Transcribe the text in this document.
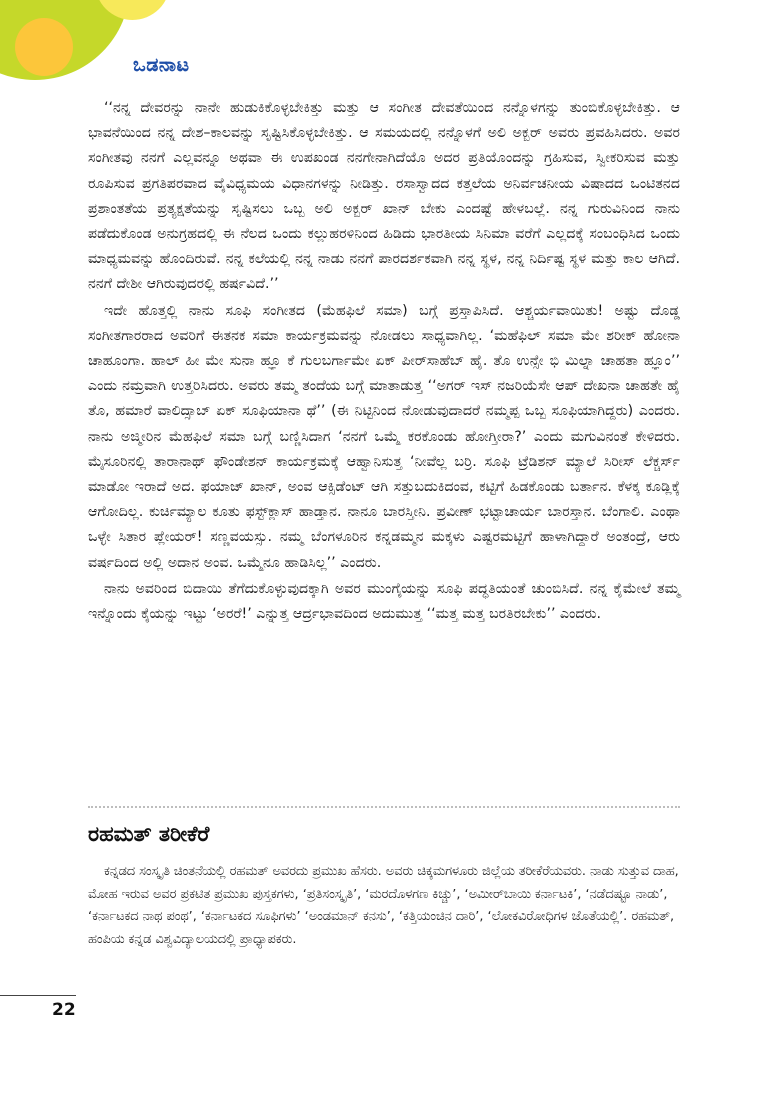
ಒಡನಾಟ

‘‘ನನ್ನ ದೇವರನ್ನು ನಾನೇ ಹುಡುಕಿಕೊಳ್ಳಬೇಕಿತ್ತು ಮತ್ತು ಆ ಸಂಗೀತ ದೇವತೆಯಿಂದ ನನ್ನೊಳಗನ್ನು ತುಂಬಿಕೊಳ್ಳಬೇಕಿತ್ತು. ಆ ಭಾವನೆಯಿಂದ ನನ್ನ ದೇಶ–ಕಾಲವನ್ನು ಸೃಷ್ಟಿಸಿಕೊಳ್ಳಬೇಕಿತ್ತು. ಆ ಸಮಯದಲ್ಲಿ ನನ್ನೊಳಗೆ ಅಲಿ ಅಕ್ಬರ್ ಅವರು ಪ್ರವಹಿಸಿದರು. ಅವರ ಸಂಗೀತವು ನನಗೆ ಎಲ್ಲವನ್ನೂ ಅಥವಾ ಈ ಉಪಖಂಡ ನನಗೇನಾಗಿದೆಯೊ ಅದರ ಪ್ರತಿಯೊಂದನ್ನು ಗ್ರಹಿಸುವ, ಸ್ವೀಕರಿಸುವ ಮತ್ತು ರೂಪಿಸುವ ಪ್ರಗತಿಪರವಾದ ವೈವಿಧ್ಯಮಯ ವಿಧಾನಗಳನ್ನು ನೀಡಿತ್ತು. ರಸಾಸ್ವಾದದ ಕತ್ತಲೆಯ ಅನಿರ್ವಚನೀಯ ವಿಷಾದದ ಒಂಟಿತನದ ಪ್ರಶಾಂತತೆಯ ಪ್ರತ್ಯಕ್ಷತೆಯನ್ನು ಸೃಷ್ಟಿಸಲು ಒಬ್ಬ ಅಲಿ ಅಕ್ಬರ್ ಖಾನ್ ಬೇಕು ಎಂದಷ್ಟೆ ಹೇಳಬಲ್ಲೆ. ನನ್ನ ಗುರುವಿನಿಂದ ನಾನು ಪಡೆದುಕೊಂಡ ಅನುಗ್ರಹದಲ್ಲಿ ಈ ನೆಲದ ಒಂದು ಕಲ್ಲುಹರಳಿನಿಂದ ಹಿಡಿದು ಭಾರತೀಯ ಸಿನಿಮಾ ವರೆಗೆ ಎಲ್ಲದಕ್ಕೆ ಸಂಬಂಧಿಸಿದ ಒಂದು ಮಾಧ್ಯಮವನ್ನು ಹೊಂದಿರುವೆ. ನನ್ನ ಕಲೆಯಲ್ಲಿ ನನ್ನ ನಾಡು ನನಗೆ ಪಾರದರ್ಶಕವಾಗಿ ನನ್ನ ಸ್ಥಳ, ನನ್ನ ನಿರ್ದಿಷ್ಟ ಸ್ಥಳ ಮತ್ತು ಕಾಲ ಆಗಿದೆ. ನನಗೆ ದೇಶೀ ಆಗಿರುವುದರಲ್ಲಿ ಹರ್ಷವಿದೆ.’’

ಇದೇ ಹೊತ್ತಲ್ಲಿ ನಾನು ಸೂಫಿ ಸಂಗೀತದ (ಮೆಹಫಿಲೆ ಸಮಾ) ಬಗ್ಗೆ ಪ್ರಸ್ತಾಪಿಸಿದೆ. ಆಶ್ಚರ್ಯವಾಯಿತು! ಅಷ್ಟು ದೊಡ್ಡ ಸಂಗೀತಗಾರರಾದ ಅವರಿಗೆ ಈತನಕ ಸಮಾ ಕಾರ್ಯಕ್ರಮವನ್ನು ನೋಡಲು ಸಾಧ್ಯವಾಗಿಲ್ಲ. ‘ಮಹೆಫಿಲ್ ಸಮಾ ಮೇ ಶರೀಕ್ ಹೋನಾ ಚಾಹೂಂಗಾ. ಹಾಲ್ ಹೀ ಮೇ ಸುನಾ ಹ್ಞೂ ಕೆ ಗುಲಬರ್ಗಾಮೇ ಏಕ್ ಪೀರ್‌ಸಾಹೆಬ್ ಹೈ. ತೊ ಉನ್ಸೇ ಭಿ ಮಿಲ್ನಾ ಚಾಹತಾ ಹ್ಞೂಂ’’ ಎಂದು ನಮ್ರವಾಗಿ ಉತ್ತರಿಸಿದರು. ಅವರು ತಮ್ಮ ತಂದೆಯ ಬಗ್ಗೆ ಮಾತಾಡುತ್ತ ‘‘ಅಗರ್ ಇಸ್ ನಜರಿಯೆಸೇ ಆಪ್ ದೇಖನಾ ಚಾಹತೇ ಹೈ ತೊ, ಹಮಾರೆ ವಾಲಿದ್ಸಾಬ್ ಏಕ್ ಸೂಫಿಯಾನಾ ಥೆ’’ (ಈ ನಿಟ್ಟಿನಿಂದ ನೋಡುವುದಾದರೆ ನಮ್ಮಪ್ಪ ಒಬ್ಬ ಸೂಫಿಯಾಗಿದ್ದರು) ಎಂದರು. ನಾನು ಅಜ್ಮೀರಿನ ಮೆಹಫಿಲೆ ಸಮಾ ಬಗ್ಗೆ ಬಣ್ಣಿಸಿದಾಗ ‘ನನಗೆ ಒಮ್ಮೆ ಕರಕೊಂಡು ಹೋಗ್ತೀರಾ?’ ಎಂದು ಮಗುವಿನಂತೆ ಕೇಳಿದರು. ಮೈಸೂರಿನಲ್ಲಿ ತಾರಾನಾಥ್ ಫೌಂಡೇಶನ್ ಕಾರ್ಯಕ್ರಮಕ್ಕೆ ಆಹ್ವಾನಿಸುತ್ತ ‘ನೀವೆಲ್ಲ ಬರ್ರಿ. ಸೂಫಿ ಟ್ರೆಡಿಶನ್ ಮ್ಯಾಲೆ ಸಿರೀಸ್ ಲೆಕ್ಚರ್ಸ್ ಮಾಡೋ ಇರಾದೆ ಅದ. ಫಯಾಜ್ ಖಾನ್, ಅಂವ ಆಕ್ಸಿಡೆಂಟ್ ಆಗಿ ಸತ್ತುಬದುಕಿದಂವ, ಕಟ್ಟಿಗೆ ಹಿಡಕೊಂಡು ಬರ್ತಾನ. ಕೆಳಕ್ಕ ಕೂಡ್ಲಿಕ್ಕೆ ಆಗೋದಿಲ್ಲ. ಕುರ್ಚಿಮ್ಯಾಲ ಕೂತು ಫಸ್ಟ್‌ಕ್ಲಾಸ್ ಹಾಡ್ತಾನ. ನಾನೂ ಬಾರಸ್ತೀನಿ. ಪ್ರವೀಣ್ ಭಟ್ಟಾಚಾರ್ಯ ಬಾರಸ್ತಾನ. ಬೆಂಗಾಲಿ. ಎಂಥಾ ಒಳ್ಳೇ ಸಿತಾರ ಪ್ಲೇಯರ್! ಸಣ್ಣವಯಸ್ಸು. ನಮ್ಮ ಬೆಂಗಳೂರಿನ ಕನ್ನಡಮ್ಮನ ಮಕ್ಕಳು ಎಷ್ಟರಮಟ್ಟಿಗೆ ಹಾಳಾಗಿದ್ದಾರೆ ಅಂತಂದ್ರೆ, ಆರು ವರ್ಷದಿಂದ ಅಲ್ಲಿ ಅದಾನ ಅಂವ. ಒಮ್ಮೆನೂ ಹಾಡಿಸಿಲ್ಲ’’ ಎಂದರು.

ನಾನು ಅವರಿಂದ ಬಿದಾಯಿ ತೆಗೆದುಕೊಳ್ಳುವುದಕ್ಕಾಗಿ ಅವರ ಮುಂಗೈಯನ್ನು ಸೂಫಿ ಪದ್ಧತಿಯಂತೆ ಚುಂಬಿಸಿದೆ. ನನ್ನ ಕೈಮೇಲೆ ತಮ್ಮ ಇನ್ನೊಂದು ಕೈಯನ್ನು ಇಟ್ಟು ‘ಅರರೆ!’ ಎನ್ನುತ್ತ ಆರ್ದ್ರಭಾವದಿಂದ ಅದುಮುತ್ತ ‘‘ಮತ್ತ ಮತ್ತ ಬರತಿರಬೇಕು’’ ಎಂದರು.

ರಹಮತ್ ತರೀಕೆರೆ

ಕನ್ನಡದ ಸಂಸ್ಕೃತಿ ಚಿಂತನೆಯಲ್ಲಿ ರಹಮತ್ ಅವರದು ಪ್ರಮುಖ ಹೆಸರು. ಅವರು ಚಿಕ್ಕಮಗಳೂರು ಜಿಲ್ಲೆಯ ತರೀಕೆರೆಯವರು. ನಾಡು ಸುತ್ತುವ ದಾಹ, ಮೋಹ ಇರುವ ಅವರ ಪ್ರಕಟಿತ ಪ್ರಮುಖ ಪುಸ್ತಕಗಳು, ‘ಪ್ರತಿಸಂಸ್ಕೃತಿ’, ‘ಮರದೊಳಗಣ ಕಿಚ್ಚು’, ‘ಅಮೀರ್‌ಬಾಯಿ ಕರ್ನಾಟಕಿ’, ‘ನಡೆದಷ್ಟೂ ನಾಡು’, ‘ಕರ್ನಾಟಕದ ನಾಥ ಪಂಥ’, ‘ಕರ್ನಾಟಕದ ಸೂಫಿಗಳು’ ‘ಅಂಡಮಾನ್ ಕನಸು’, ‘ಕತ್ತಿಯಂಚಿನ ದಾರಿ’, ‘ಲೋಕವಿರೋಧಿಗಳ ಜೊತೆಯಲ್ಲಿ’. ರಹಮತ್, ಹಂಪಿಯ ಕನ್ನಡ ವಿಶ್ವವಿದ್ಯಾಲಯದಲ್ಲಿ ಪ್ರಾಧ್ಯಾಪಕರು.

22
